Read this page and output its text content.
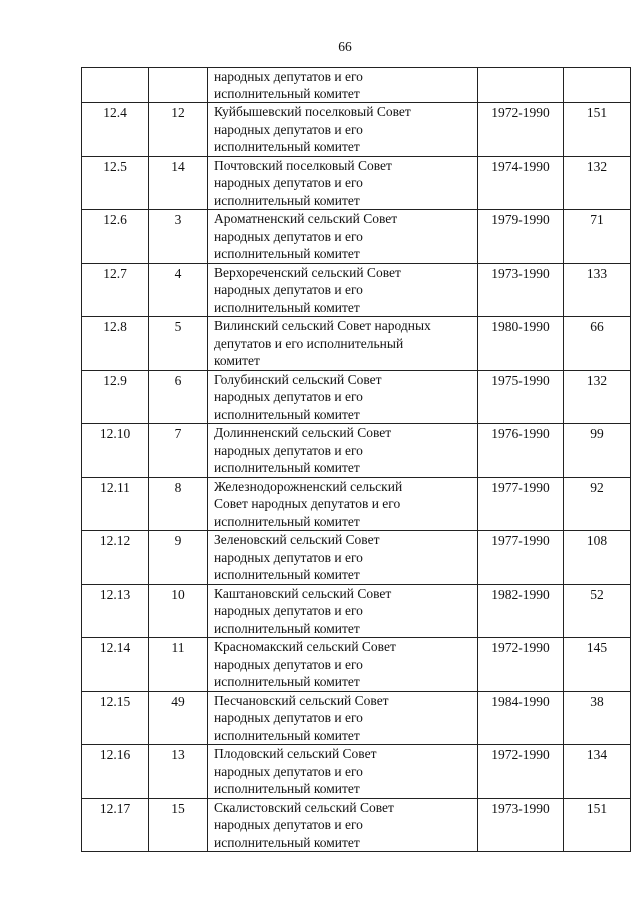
66

		народных депутатов и его
исполнительный комитет		

12.4	12	Куйбышевский поселковый Совет
народных депутатов и его
исполнительный комитет	1972-1990	151
12.5	14	Почтовский поселковый Совет
народных депутатов и его
исполнительный комитет	1974-1990	132
12.6	3	Ароматненский сельский Совет
народных депутатов и его
исполнительный комитет	1979-1990	71
12.7	4	Верхореченский сельский Совет
народных депутатов и его
исполнительный комитет	1973-1990	133
12.8	5	Вилинский сельский Совет народных
депутатов и его исполнительный
комитет	1980-1990	66
12.9	6	Голубинский сельский Совет
народных депутатов и его
исполнительный комитет	1975-1990	132
12.10	7	Долинненский сельский Совет
народных депутатов и его
исполнительный комитет	1976-1990	99
12.11	8	Железнодорожненский сельский
Совет народных депутатов и его
исполнительный комитет	1977-1990	92
12.12	9	Зеленовский сельский Совет
народных депутатов и его
исполнительный комитет	1977-1990	108
12.13	10	Каштановский сельский Совет
народных депутатов и его
исполнительный комитет	1982-1990	52
12.14	11	Красномакский сельский Совет
народных депутатов и его
исполнительный комитет	1972-1990	145
12.15	49	Песчановский сельский Совет
народных депутатов и его
исполнительный комитет	1984-1990	38
12.16	13	Плодовский сельский Совет
народных депутатов и его
исполнительный комитет	1972-1990	134
12.17	15	Скалистовский сельский Совет
народных депутатов и его
исполнительный комитет	1973-1990	151
